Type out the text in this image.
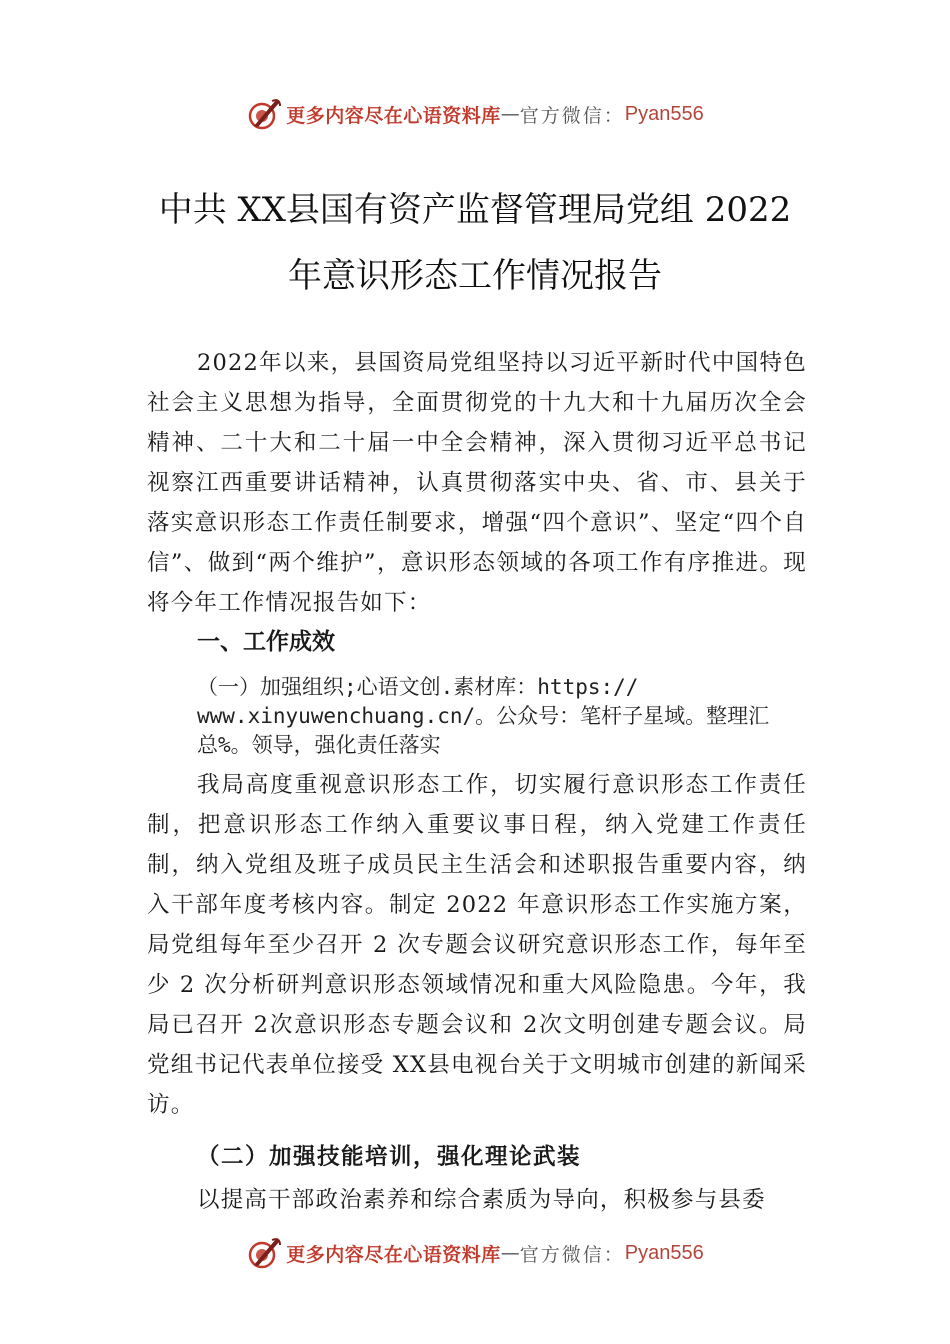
更多内容尽在心语资料库 — 官方微信： Pyan556
中共 XX县国有资产监督管理局党组 2022
年意识形态工作情况报告
2022年以来，县国资局党组坚持以习近平新时代中国特色社会主义思想为指导，全面贯彻党的十九大和十九届历次全会精神、二十大和二十届一中全会精神，深入贯彻习近平总书记视察江西重要讲话精神，认真贯彻落实中央、省、市、县关于落实意识形态工作责任制要求，增强“四个意识”、坚定“四个自信”、做到“两个维护”，意识形态领域的各项工作有序推进。现将今年工作情况报告如下：
一、工作成效
（一）加强组织;心语文创.素材库：https://
www.xinyuwenchuang.cn/。公众号：笔杆子星域。整理汇
总%。领导，强化责任落实
我局高度重视意识形态工作，切实履行意识形态工作责任制，把意识形态工作纳入重要议事日程，纳入党建工作责任制，纳入党组及班子成员民主生活会和述职报告重要内容，纳入干部年度考核内容。制定 2022 年意识形态工作实施方案，局党组每年至少召开 2 次专题会议研究意识形态工作，每年至少 2 次分析研判意识形态领域情况和重大风险隐患。今年，我局已召开 2次意识形态专题会议和 2次文明创建专题会议。局党组书记代表单位接受 XX县电视台关于文明城市创建的新闻采访。
（二）加强技能培训，强化理论武装
以提高干部政治素养和综合素质为导向，积极参与县委
更多内容尽在心语资料库 — 官方微信： Pyan556
